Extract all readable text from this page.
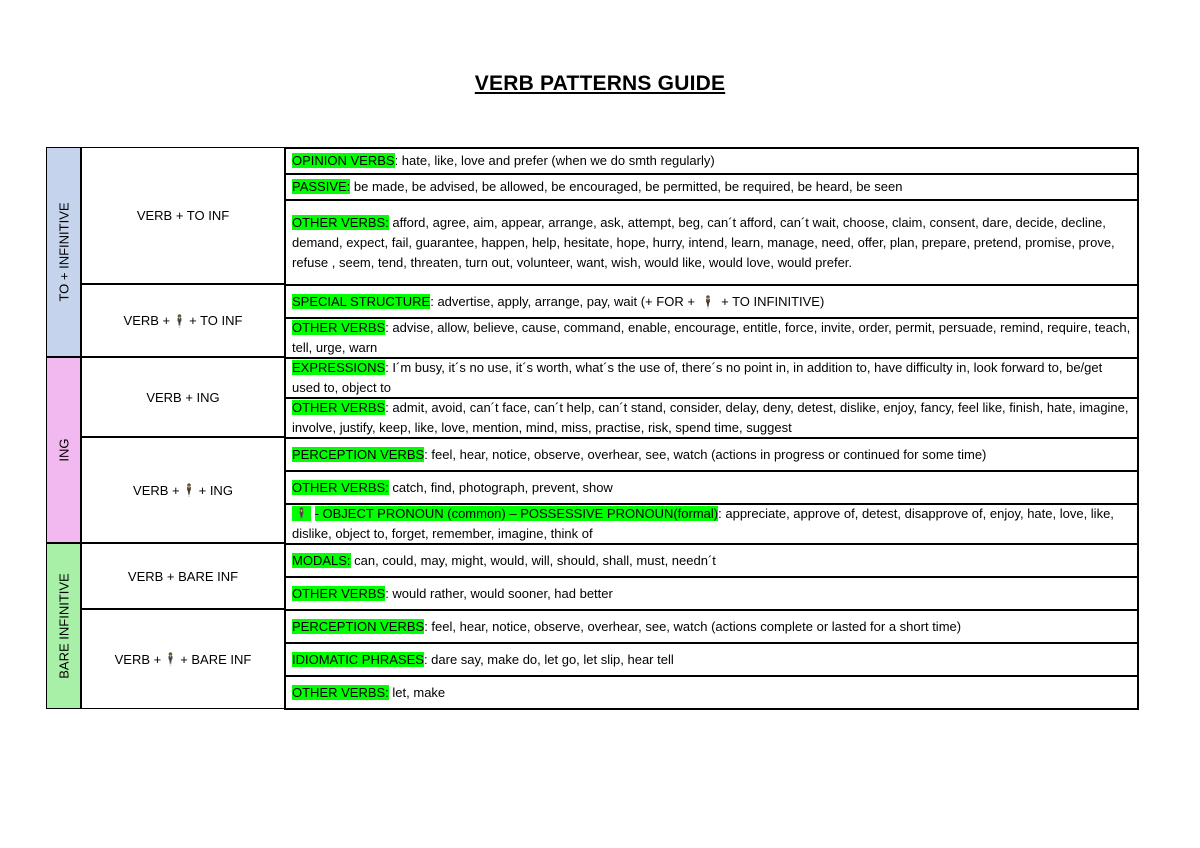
VERB PATTERNS GUIDE
TO + INFINITIVE
ING
BARE INFINITIVE
VERB + TO INF
VERB + 🕴 + TO INF
VERB + ING
VERB + 🕴 + ING
VERB + BARE INF
VERB + 🕴 + BARE INF
OPINION VERBS: hate, like, love and prefer (when we do smth regularly)
PASSIVE: be made, be advised, be allowed, be encouraged, be permitted, be required, be heard, be seen
OTHER VERBS: afford, agree, aim, appear, arrange, ask, attempt, beg, can´t afford, can´t wait, choose, claim, consent, dare, decide, decline, demand, expect, fail, guarantee, happen, help, hesitate, hope, hurry, intend, learn, manage, need, offer, plan, prepare, pretend, promise, prove, refuse , seem, tend, threaten, turn out, volunteer, want, wish, would like, would love, would prefer.
SPECIAL STRUCTURE: advertise, apply, arrange, pay, wait (+ FOR + 🕴 + TO INFINITIVE)
OTHER VERBS: advise, allow, believe, cause, command, enable, encourage, entitle, force, invite, order, permit, persuade, remind, require, teach, tell, urge, warn
EXPRESSIONS: I´m busy, it´s no use, it´s worth, what´s the use of, there´s no point in, in addition to, have difficulty in, look forward to, be/get used to, object to
OTHER VERBS: admit, avoid, can´t face, can´t help, can´t stand, consider, delay, deny, detest, dislike, enjoy, fancy, feel like, finish, hate, imagine, involve, justify, keep, like, love, mention, mind, miss, practise, risk, spend time, suggest
PERCEPTION VERBS: feel, hear, notice, observe, overhear, see, watch (actions in progress or continued for some time)
OTHER VERBS: catch, find, photograph, prevent, show
🕴 - OBJECT PRONOUN (common) – POSSESSIVE PRONOUN(formal): appreciate, approve of, detest, disapprove of, enjoy, hate, love, like, dislike, object to, forget, remember, imagine, think of
MODALS: can, could, may, might, would, will, should, shall, must, needn´t
OTHER VERBS: would rather, would sooner, had better
PERCEPTION VERBS: feel, hear, notice, observe, overhear, see, watch (actions complete or lasted for a short time)
IDIOMATIC PHRASES: dare say, make do, let go, let slip, hear tell
OTHER VERBS: let, make
